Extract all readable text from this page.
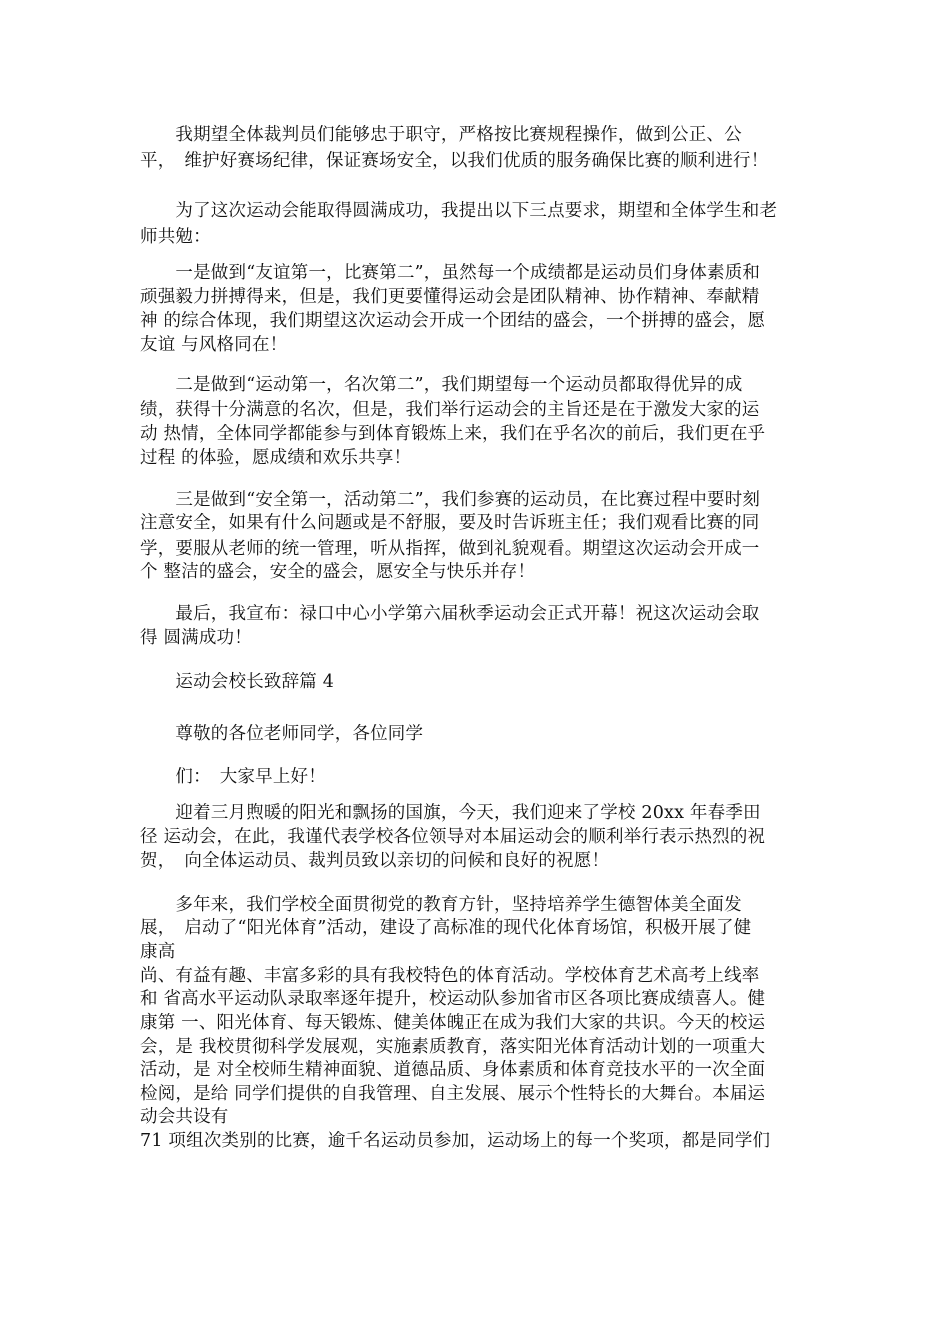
　　我期望全体裁判员们能够忠于职守，严格按比赛规程操作，做到公正、公
平，　维护好赛场纪律，保证赛场安全，以我们优质的服务确保比赛的顺利进行！
　　为了这次运动会能取得圆满成功，我提出以下三点要求，期望和全体学生和老
师共勉：
　　一是做到“友谊第一，比赛第二”，虽然每一个成绩都是运动员们身体素质和
顽强毅力拼搏得来，但是，我们更要懂得运动会是团队精神、协作精神、奉献精
神 的综合体现，我们期望这次运动会开成一个团结的盛会，一个拼搏的盛会，愿
友谊 与风格同在！
　　二是做到“运动第一，名次第二”，我们期望每一个运动员都取得优异的成
绩，获得十分满意的名次，但是，我们举行运动会的主旨还是在于激发大家的运
动 热情，全体同学都能参与到体育锻炼上来，我们在乎名次的前后，我们更在乎
过程 的体验，愿成绩和欢乐共享！
　　三是做到“安全第一，活动第二”，我们参赛的运动员，在比赛过程中要时刻
注意安全，如果有什么问题或是不舒服，要及时告诉班主任；我们观看比赛的同
学，要服从老师的统一管理，听从指挥，做到礼貌观看。期望这次运动会开成一
个 整洁的盛会，安全的盛会，愿安全与快乐并存！
　　最后，我宣布：禄口中心小学第六届秋季运动会正式开幕！祝这次运动会取
得 圆满成功！
　　运动会校长致辞篇 4
　　尊敬的各位老师同学，各位同学
　　们：　大家早上好！
　　迎着三月煦暖的阳光和飘扬的国旗，今天，我们迎来了学校 20xx 年春季田
径 运动会，在此，我谨代表学校各位领导对本届运动会的顺利举行表示热烈的祝
贺，　向全体运动员、裁判员致以亲切的问候和良好的祝愿！
　　多年来，我们学校全面贯彻党的教育方针，坚持培养学生德智体美全面发
展，　启动了“阳光体育”活动，建设了高标准的现代化体育场馆，积极开展了健
康高
尚、有益有趣、丰富多彩的具有我校特色的体育活动。学校体育艺术高考上线率
和 省高水平运动队录取率逐年提升，校运动队参加省市区各项比赛成绩喜人。健
康第 一、阳光体育、每天锻炼、健美体魄正在成为我们大家的共识。今天的校运
会，是 我校贯彻科学发展观，实施素质教育，落实阳光体育活动计划的一项重大
活动，是 对全校师生精神面貌、道德品质、身体素质和体育竞技水平的一次全面
检阅，是给 同学们提供的自我管理、自主发展、展示个性特长的大舞台。本届运
动会共设有
71 项组次类别的比赛，逾千名运动员参加，运动场上的每一个奖项，都是同学们
